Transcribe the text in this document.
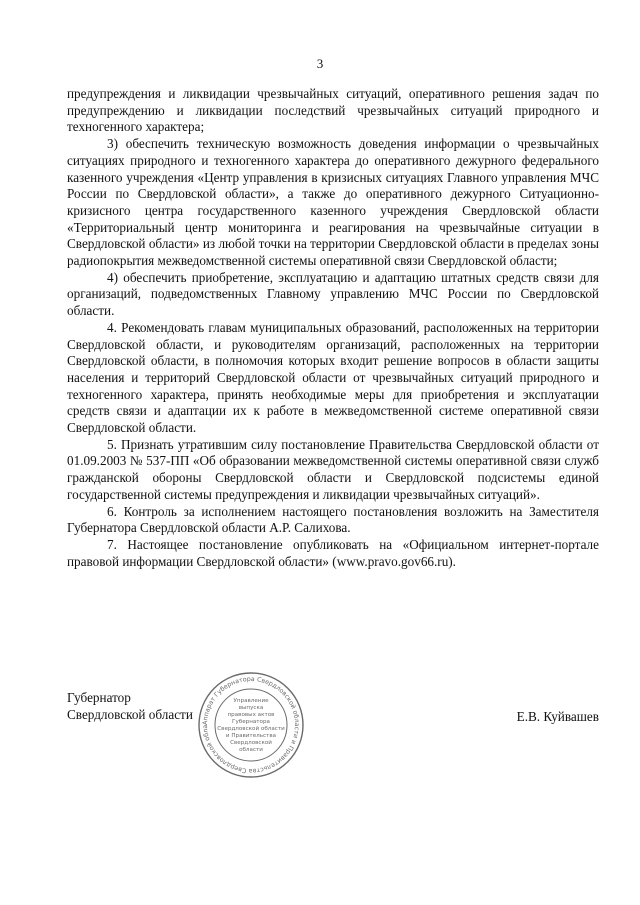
3

предупреждения и ликвидации чрезвычайных ситуаций, оперативного решения задач по предупреждению и ликвидации последствий чрезвычайных ситуаций природного и техногенного характера;

3) обеспечить техническую возможность доведения информации о чрезвычайных ситуациях природного и техногенного характера до оперативного дежурного федерального казенного учреждения «Центр управления в кризисных ситуациях Главного управления МЧС России по Свердловской области», а также до оперативного дежурного Ситуационно-кризисного центра государственного казенного учреждения Свердловской области «Территориальный центр мониторинга и реагирования на чрезвычайные ситуации в Свердловской области» из любой точки на территории Свердловской области в пределах зоны радиопокрытия межведомственной системы оперативной связи Свердловской области;

4) обеспечить приобретение, эксплуатацию и адаптацию штатных средств связи для организаций, подведомственных Главному управлению МЧС России по Свердловской области.

4. Рекомендовать главам муниципальных образований, расположенных на территории Свердловской области, и руководителям организаций, расположенных на территории Свердловской области, в полномочия которых входит решение вопросов в области защиты населения и территорий Свердловской области от чрезвычайных ситуаций природного и техногенного характера, принять необходимые меры для приобретения и эксплуатации средств связи и адаптации их к работе в межведомственной системе оперативной связи Свердловской области.

5. Признать утратившим силу постановление Правительства Свердловской области от 01.09.2003 № 537-ПП «Об образовании межведомственной системы оперативной связи служб гражданской обороны Свердловской области и Свердловской подсистемы единой государственной системы предупреждения и ликвидации чрезвычайных ситуаций».

6. Контроль за исполнением настоящего постановления возложить на Заместителя Губернатора Свердловской области А.Р. Салихова.

7. Настоящее постановление опубликовать на «Официальном интернет-портале правовой информации Свердловской области» (www.pravo.gov66.ru).

Губернатор
Свердловской области	Е.В. Куйвашев
Аппарат Губернатора Свердловской области и Правительства Свердловской обла
Управление
выпуска
правовых актов
Губернатора
Свердловской области
и Правительства
Свердловской
области
